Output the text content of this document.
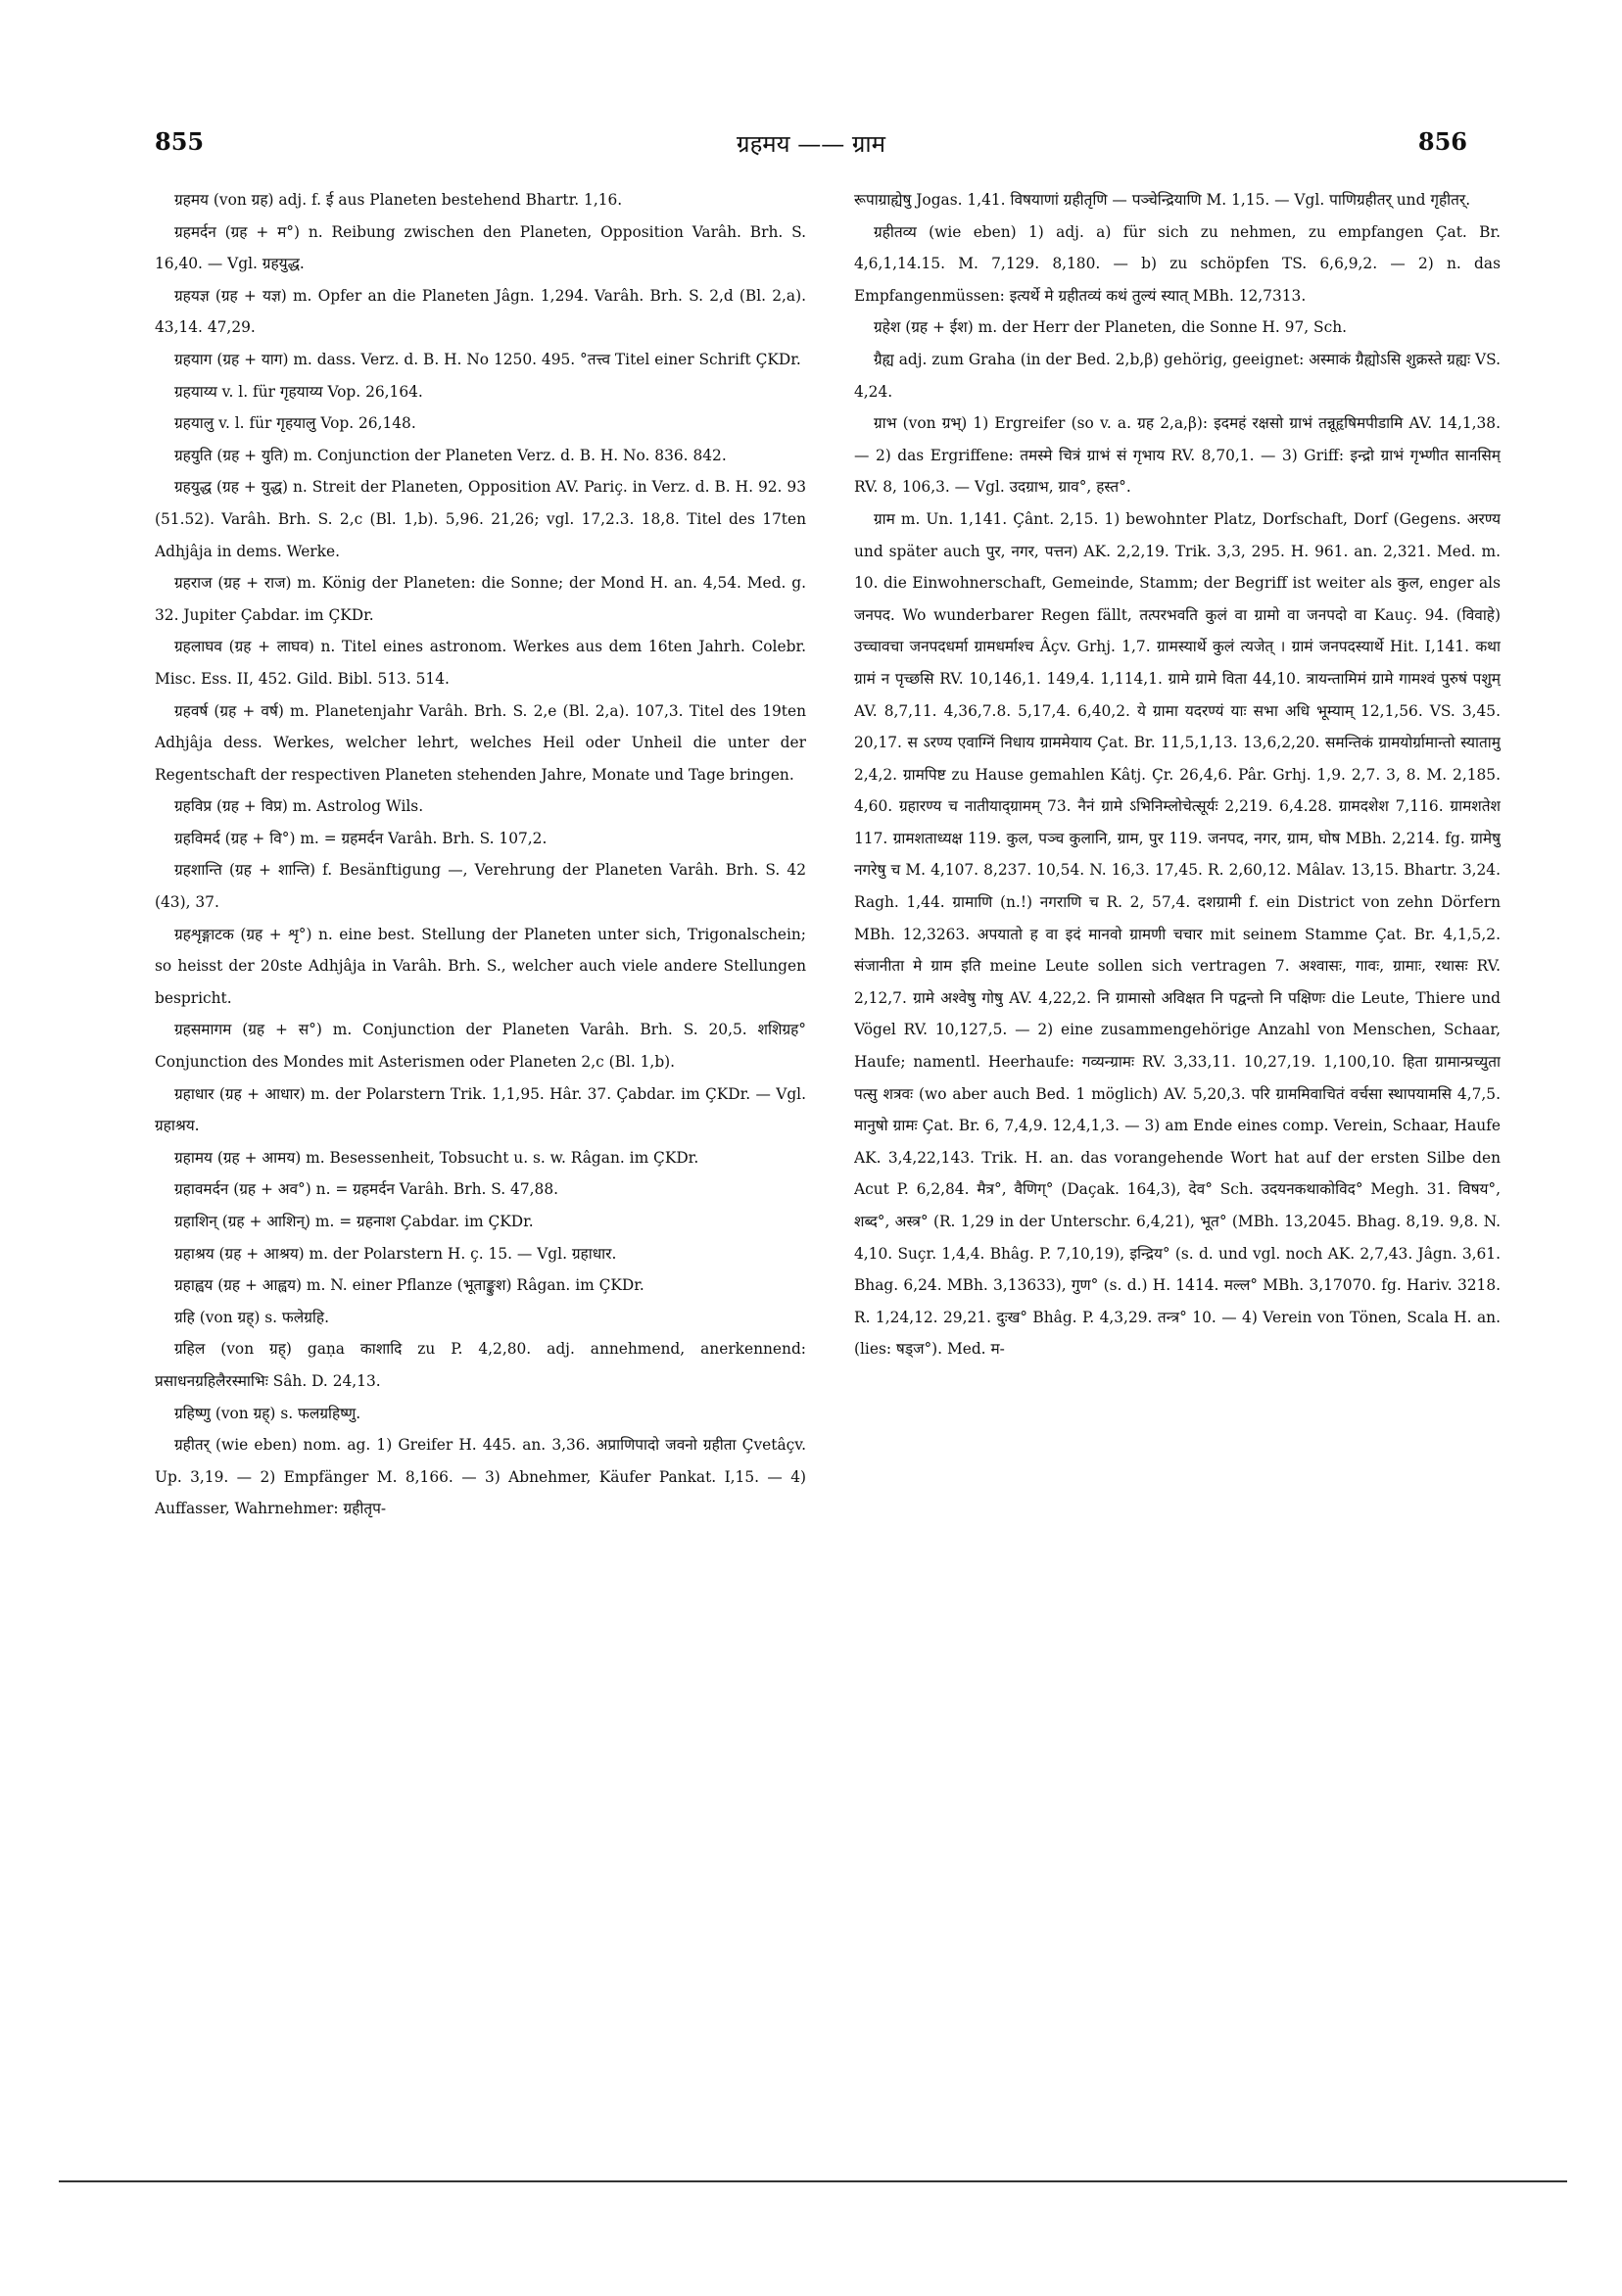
855	ग्रहमय —— ग्राम	856

ग्रहमय (von ग्रह) adj. f. ई aus Planeten bestehend Bhartr. 1,16.

ग्रहमर्दन (ग्रह + म°) n. Reibung zwischen den Planeten, Opposition Varâh. Brh. S. 16,40. — Vgl. ग्रहयुद्ध.

ग्रहयज्ञ (ग्रह + यज्ञ) m. Opfer an die Planeten Jâgn. 1,294. Varâh. Brh. S. 2,d (Bl. 2,a). 43,14. 47,29.

ग्रहयाग (ग्रह + याग) m. dass. Verz. d. B. H. No 1250. 495. °तत्त्व Titel einer Schrift ÇKDr.

ग्रहयाय्य v. l. für गृहयाय्य Vop. 26,164.

ग्रहयालु v. l. für गृहयालु Vop. 26,148.

ग्रहयुति (ग्रह + युति) m. Conjunction der Planeten Verz. d. B. H. No. 836. 842.

ग्रहयुद्ध (ग्रह + युद्ध) n. Streit der Planeten, Opposition AV. Pariç. in Verz. d. B. H. 92. 93 (51.52). Varâh. Brh. S. 2,c (Bl. 1,b). 5,96. 21,26; vgl. 17,2.3. 18,8. Titel des 17ten Adhjâja in dems. Werke.

ग्रहराज (ग्रह + राज) m. König der Planeten: die Sonne; der Mond H. an. 4,54. Med. g. 32. Jupiter Çabdar. im ÇKDr.

ग्रहलाघव (ग्रह + लाघव) n. Titel eines astronom. Werkes aus dem 16ten Jahrh. Colebr. Misc. Ess. II, 452. Gild. Bibl. 513. 514.

ग्रहवर्ष (ग्रह + वर्ष) m. Planetenjahr Varâh. Brh. S. 2,e (Bl. 2,a). 107,3. Titel des 19ten Adhjâja dess. Werkes, welcher lehrt, welches Heil oder Unheil die unter der Regentschaft der respectiven Planeten stehenden Jahre, Monate und Tage bringen.

ग्रहविप्र (ग्रह + विप्र) m. Astrolog Wils.

ग्रहविमर्द (ग्रह + वि°) m. = ग्रहमर्दन Varâh. Brh. S. 107,2.

ग्रहशान्ति (ग्रह + शान्ति) f. Besänftigung —, Verehrung der Planeten Varâh. Brh. S. 42 (43), 37.

ग्रहशृङ्गाटक (ग्रह + शृ°) n. eine best. Stellung der Planeten unter sich, Trigonalschein; so heisst der 20ste Adhjâja in Varâh. Brh. S., welcher auch viele andere Stellungen bespricht.

ग्रहसमागम (ग्रह + स°) m. Conjunction der Planeten Varâh. Brh. S. 20,5. शशिग्रह° Conjunction des Mondes mit Asterismen oder Planeten 2,c (Bl. 1,b).

ग्रहाधार (ग्रह + आधार) m. der Polarstern Trik. 1,1,95. Hâr. 37. Çabdar. im ÇKDr. — Vgl. ग्रहाश्रय.

ग्रहामय (ग्रह + आमय) m. Besessenheit, Tobsucht u. s. w. Râgan. im ÇKDr.

ग्रहावमर्दन (ग्रह + अव°) n. = ग्रहमर्दन Varâh. Brh. S. 47,88.

ग्रहाशिन् (ग्रह + आशिन्) m. = ग्रहनाश Çabdar. im ÇKDr.

ग्रहाश्रय (ग्रह + आश्रय) m. der Polarstern H. ç. 15. — Vgl. ग्रहाधार.

ग्रहाह्वय (ग्रह + आह्वय) m. N. einer Pflanze (भूताङ्कुश) Râgan. im ÇKDr.

ग्रहि (von ग्रह्) s. फलेग्रहि.

ग्रहिल (von ग्रह्) gaṇa काशादि zu P. 4,2,80. adj. annehmend, anerkennend: प्रसाधनग्रहिलैरस्माभिः Sâh. D. 24,13.

ग्रहिष्णु (von ग्रह्) s. फलग्रहिष्णु.

ग्रहीतर् (wie eben) nom. ag. 1) Greifer H. 445. an. 3,36. अप्राणिपादो जवनो ग्रहीता Çvetâçv. Up. 3,19. — 2) Empfänger M. 8,166. — 3) Abnehmer, Käufer Pankat. I,15. — 4) Auffasser, Wahrnehmer: ग्रहीतृप-

रूपाग्राह्येषु Jogas. 1,41. विषयाणां ग्रहीतृणि — पञ्चेन्द्रियाणि M. 1,15. — Vgl. पाणिग्रहीतर् und गृहीतर्.

ग्रहीतव्य (wie eben) 1) adj. a) für sich zu nehmen, zu empfangen Çat. Br. 4,6,1,14.15. M. 7,129. 8,180. — b) zu schöpfen TS. 6,6,9,2. — 2) n. das Empfangenmüssen: इत्यर्थे मे ग्रहीतव्यं कथं तुल्यं स्यात् MBh. 12,7313.

ग्रहेश (ग्रह + ईश) m. der Herr der Planeten, die Sonne H. 97, Sch.

ग्रैह्य adj. zum Graha (in der Bed. 2,b,β) gehörig, geeignet: अस्माकं ग्रैह्योऽसि शुक्रस्ते ग्रह्यः VS. 4,24.

ग्राभ (von ग्रभ्) 1) Ergreifer (so v. a. ग्रह 2,a,β): इदमहं रक्षसो ग्राभं तन्नूहृषिमपीडामि AV. 14,1,38. — 2) das Ergriffene: तमस्मे चित्रं ग्राभं सं गृभाय RV. 8,70,1. — 3) Griff: इन्द्रो ग्राभं गृभ्णीत सानसिम् RV. 8, 106,3. — Vgl. उदग्राभ, ग्राव°, हस्त°.

ग्राम m. Un. 1,141. Çânt. 2,15. 1) bewohnter Platz, Dorfschaft, Dorf (Gegens. अरण्य und später auch पुर, नगर, पत्तन) AK. 2,2,19. Trik. 3,3, 295. H. 961. an. 2,321. Med. m. 10. die Einwohnerschaft, Gemeinde, Stamm; der Begriff ist weiter als कुल, enger als जनपद. Wo wunderbarer Regen fällt, तत्परभवति कुलं वा ग्रामो वा जनपदो वा Kauç. 94. (विवाहे) उच्चावचा जनपदधर्मा ग्रामधर्माश्च Âçv. Grhj. 1,7. ग्रामस्यार्थे कुलं त्यजेत् । ग्रामं जनपदस्यार्थे Hit. I,141. कथा ग्रामं न पृच्छसि RV. 10,146,1. 149,4. 1,114,1. ग्रामे ग्रामे विता 44,10. त्रायन्तामिमं ग्रामे गामश्वं पुरुषं पशुम् AV. 8,7,11. 4,36,7.8. 5,17,4. 6,40,2. ये ग्रामा यदरण्यं याः सभा अधि भूम्याम् 12,1,56. VS. 3,45. 20,17. स ऽरण्य एवाग्निं निधाय ग्राममेयाय Çat. Br. 11,5,1,13. 13,6,2,20. समन्तिकं ग्रामयोर्ग्रामान्तो स्यातामु 2,4,2. ग्रामपिष्ट zu Hause gemahlen Kâtj. Çr. 26,4,6. Pâr. Grhj. 1,9. 2,7. 3, 8. M. 2,185. 4,60. ग्रहारण्य च नातीयाद्ग्रामम् 73. नैनं ग्रामे ऽभिनिम्लोचेत्सूर्यः 2,219. 6,4.28. ग्रामदशेश 7,116. ग्रामशतेश 117. ग्रामशताध्यक्ष 119. कुल, पञ्च कुलानि, ग्राम, पुर 119. जनपद, नगर, ग्राम, घोष MBh. 2,214. fg. ग्रामेषु नगरेषु च M. 4,107. 8,237. 10,54. N. 16,3. 17,45. R. 2,60,12. Mâlav. 13,15. Bhartr. 3,24. Ragh. 1,44. ग्रामाणि (n.!) नगराणि च R. 2, 57,4. दशग्रामी f. ein District von zehn Dörfern MBh. 12,3263. अपयातो ह वा इदं मानवो ग्रामणी चचार mit seinem Stamme Çat. Br. 4,1,5,2. संजानीता मे ग्राम इति meine Leute sollen sich vertragen 7. अश्वासः, गावः, ग्रामाः, रथासः RV. 2,12,7. ग्रामे अश्वेषु गोषु AV. 4,22,2. नि ग्रामासो अविक्षत नि पद्वन्तो नि पक्षिणः die Leute, Thiere und Vögel RV. 10,127,5. — 2) eine zusammengehörige Anzahl von Menschen, Schaar, Haufe; namentl. Heerhaufe: गव्यन्ग्रामः RV. 3,33,11. 10,27,19. 1,100,10. हिता ग्रामान्प्रच्युता पत्सु शत्रवः (wo aber auch Bed. 1 möglich) AV. 5,20,3. परि ग्राममिवाचितं वर्चसा स्थापयामसि 4,7,5. मानुषो ग्रामः Çat. Br. 6, 7,4,9. 12,4,1,3. — 3) am Ende eines comp. Verein, Schaar, Haufe AK. 3,4,22,143. Trik. H. an. das vorangehende Wort hat auf der ersten Silbe den Acut P. 6,2,84. मैत्र°, वैणिग्° (Daçak. 164,3), देव° Sch. उदयनकथाकोविद° Megh. 31. विषय°, शब्द°, अस्त्र° (R. 1,29 in der Unterschr. 6,4,21), भूत° (MBh. 13,2045. Bhag. 8,19. 9,8. N. 4,10. Suçr. 1,4,4. Bhâg. P. 7,10,19), इन्द्रिय° (s. d. und vgl. noch AK. 2,7,43. Jâgn. 3,61. Bhag. 6,24. MBh. 3,13633), गुण° (s. d.) H. 1414. मल्ल° MBh. 3,17070. fg. Hariv. 3218. R. 1,24,12. 29,21. दुःख° Bhâg. P. 4,3,29. तन्त्र° 10. — 4) Verein von Tönen, Scala H. an. (lies: षड्ज°). Med. म-
